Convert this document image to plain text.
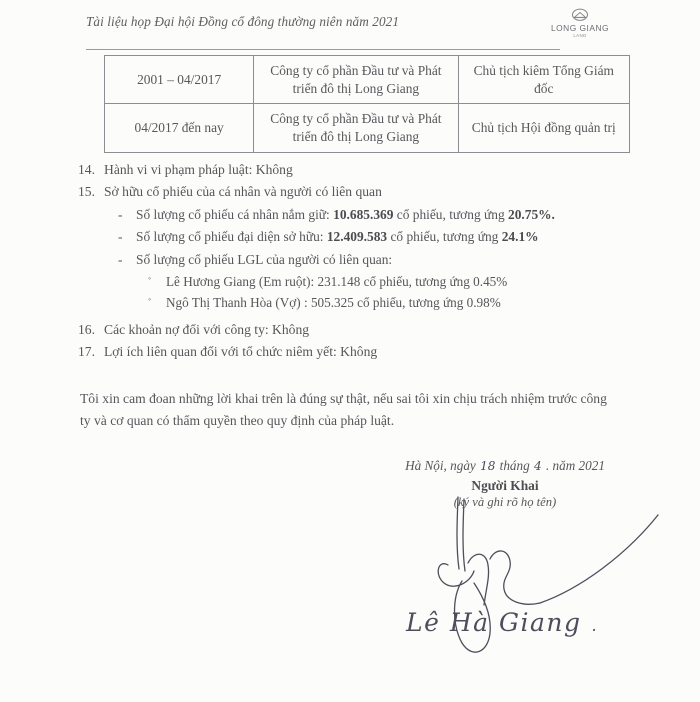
Tài liệu họp Đại hội Đồng cổ đông thường niên năm 2021	LONG GIANG
LAND
2001 – 04/2017	Công ty cổ phần Đầu tư và Phát triển đô thị Long Giang	Chủ tịch kiêm Tổng Giám đốc
04/2017 đến nay	Công ty cổ phần Đầu tư và Phát triển đô thị Long Giang	Chủ tịch Hội đồng quản trị
14. Hành vi vi phạm pháp luật: Không
15. Sở hữu cổ phiếu của cá nhân và người có liên quan
- Số lượng cổ phiếu cá nhân nắm giữ: 10.685.369 cổ phiếu, tương ứng 20.75%.
- Số lượng cổ phiếu đại diện sở hữu: 12.409.583 cổ phiếu, tương ứng 24.1%
- Số lượng cổ phiếu LGL của người có liên quan:
◦ Lê Hương Giang (Em ruột): 231.148 cổ phiếu, tương ứng 0.45%
◦ Ngô Thị Thanh Hòa (Vợ) : 505.325 cổ phiếu, tương ứng 0.98%
16. Các khoản nợ đối với công ty: Không
17. Lợi ích liên quan đối với tổ chức niêm yết: Không
Tôi xin cam đoan những lời khai trên là đúng sự thật, nếu sai tôi xin chịu trách nhiệm trước công ty và cơ quan có thẩm quyền theo quy định của pháp luật.
Hà Nội, ngày 18 tháng 4 . năm 2021
Người Khai
(ký và ghi rõ họ tên)
Lê Hà Giang .
